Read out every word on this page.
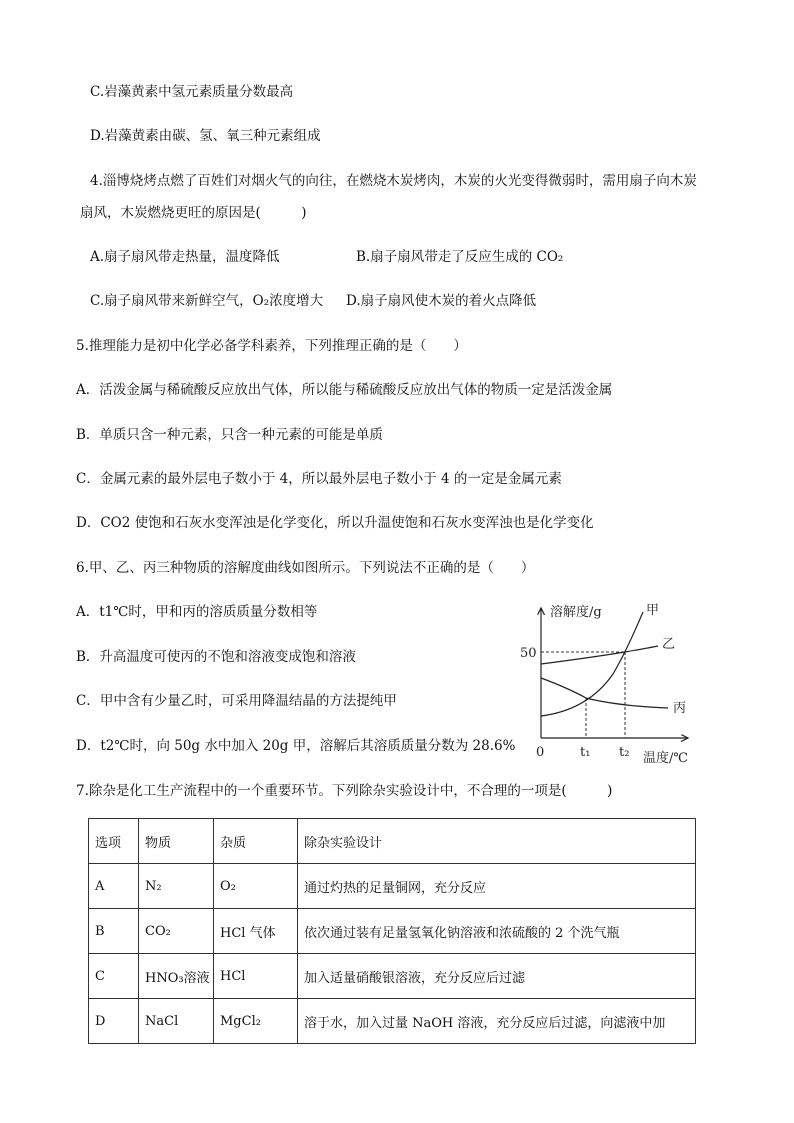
C.岩藻黄素中氢元素质量分数最高
D.岩藻黄素由碳、氢、氧三种元素组成
4.淄博烧烤点燃了百姓们对烟火气的向往，在燃烧木炭烤肉，木炭的火光变得微弱时，需用扇子向木炭
扇风，木炭燃烧更旺的原因是(　　　)
A.扇子扇风带走热量，温度降低	B.扇子扇风带走了反应生成的 CO₂
C.扇子扇风带来新鲜空气，O₂浓度增大 D.扇子扇风使木炭的着火点降低
5.推理能力是初中化学必备学科素养，下列推理正确的是（　　）
A．活泼金属与稀硫酸反应放出气体，所以能与稀硫酸反应放出气体的物质一定是活泼金属
B．单质只含一种元素，只含一种元素的可能是单质
C．金属元素的最外层电子数小于 4，所以最外层电子数小于 4 的一定是金属元素
D．CO2 使饱和石灰水变浑浊是化学变化，所以升温使饱和石灰水变浑浊也是化学变化
6.甲、乙、丙三种物质的溶解度曲线如图所示。下列说法不正确的是（　　）
A．t1℃时，甲和丙的溶质质量分数相等
B．升高温度可使丙的不饱和溶液变成饱和溶液
C．甲中含有少量乙时，可采用降温结晶的方法提纯甲
D．t2℃时，向 50g 水中加入 20g 甲，溶解后其溶质质量分数为 28.6%
7.除杂是化工生产流程中的一个重要环节。下列除杂实验设计中，不合理的一项是(　　　)
溶解度/g
温度/℃
50
0	t₁ t₂
甲
乙
丙
选项	物质	杂质	除杂实验设计
A	N₂	O₂	通过灼热的足量铜网，充分反应
B	CO₂	HCl 气体	依次通过装有足量氢氧化钠溶液和浓硫酸的 2 个洗气瓶
C	HNO₃溶液	HCl	加入适量硝酸银溶液，充分反应后过滤
D	NaCl	MgCl₂	溶于水，加入过量 NaOH 溶液，充分反应后过滤，向滤液中加
